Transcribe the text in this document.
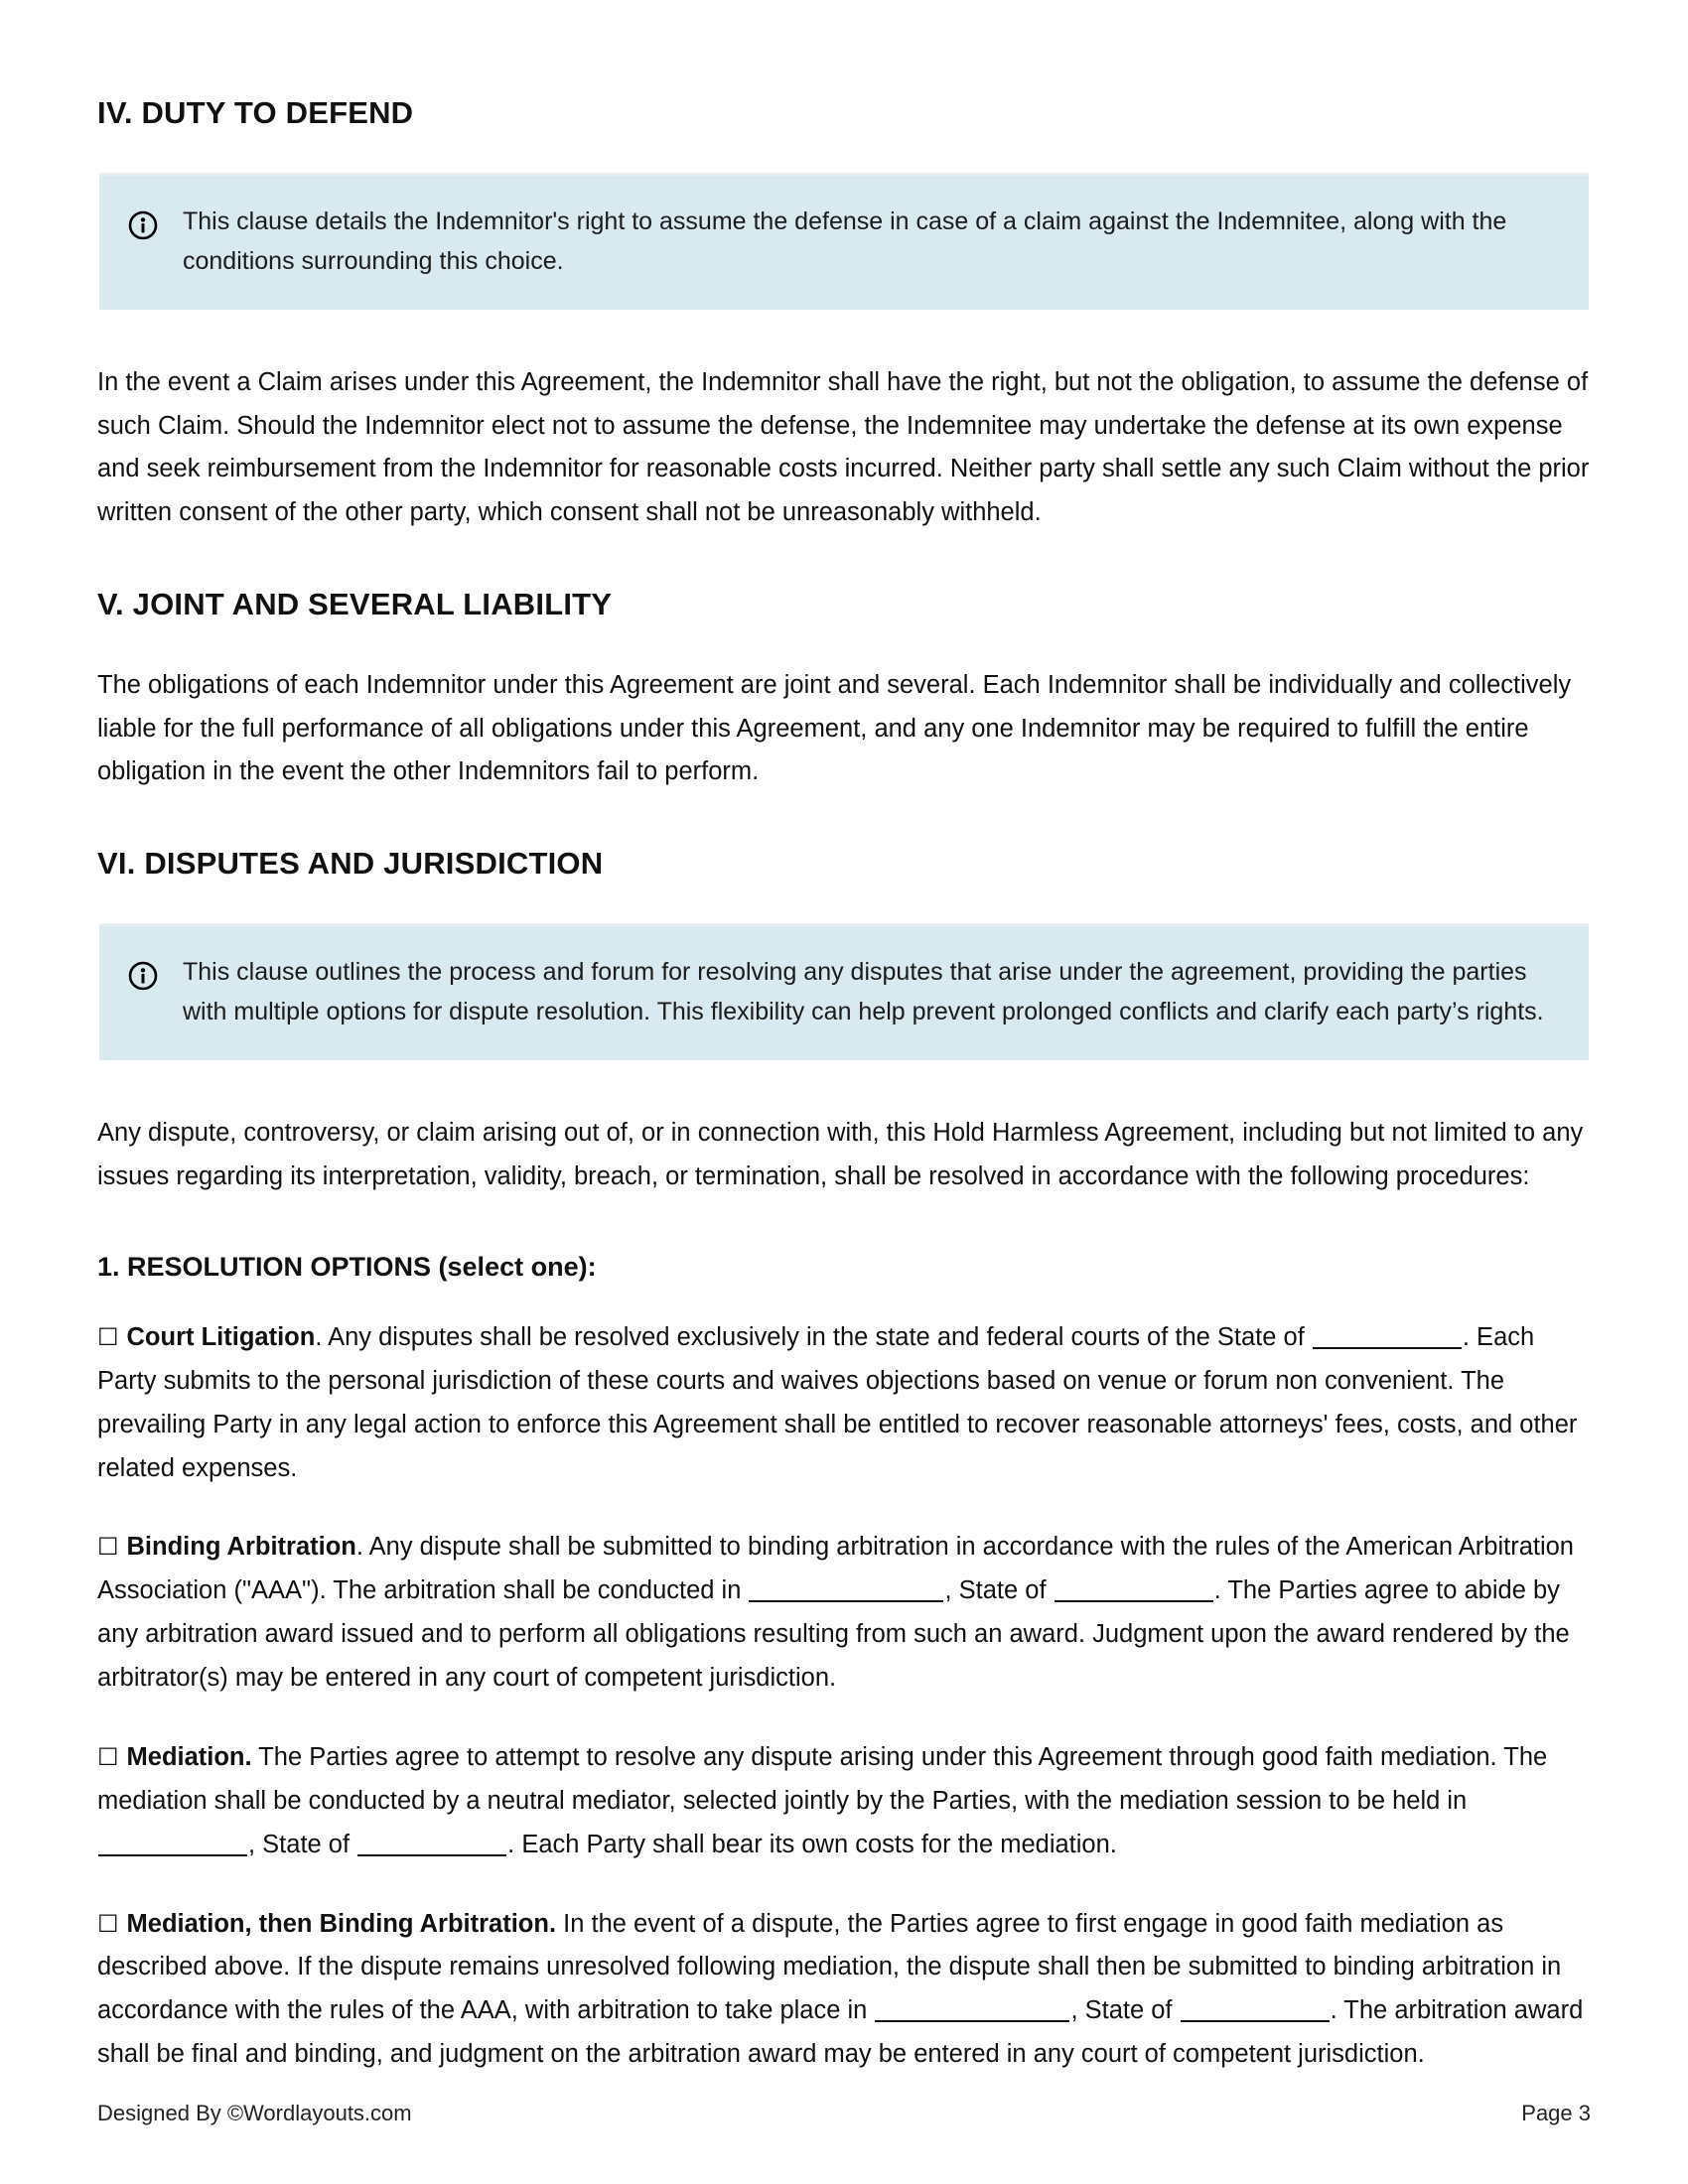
IV. DUTY TO DEFEND
This clause details the Indemnitor's right to assume the defense in case of a claim against the Indemnitee, along with the conditions surrounding this choice.

In the event a Claim arises under this Agreement, the Indemnitor shall have the right, but not the obligation, to assume the defense of such Claim. Should the Indemnitor elect not to assume the defense, the Indemnitee may undertake the defense at its own expense and seek reimbursement from the Indemnitor for reasonable costs incurred. Neither party shall settle any such Claim without the prior written consent of the other party, which consent shall not be unreasonably withheld.

V. JOINT AND SEVERAL LIABILITY

The obligations of each Indemnitor under this Agreement are joint and several. Each Indemnitor shall be individually and collectively liable for the full performance of all obligations under this Agreement, and any one Indemnitor may be required to fulfill the entire obligation in the event the other Indemnitors fail to perform.

VI. DISPUTES AND JURISDICTION
This clause outlines the process and forum for resolving any disputes that arise under the agreement, providing the parties with multiple options for dispute resolution. This flexibility can help prevent prolonged conflicts and clarify each party’s rights.

Any dispute, controversy, or claim arising out of, or in connection with, this Hold Harmless Agreement, including but not limited to any issues regarding its interpretation, validity, breach, or termination, shall be resolved in accordance with the following procedures:

1. RESOLUTION OPTIONS (select one):

☐ Court Litigation. Any disputes shall be resolved exclusively in the state and federal courts of the State of	. Each Party submits to the personal jurisdiction of these courts and waives objections based on venue or forum non convenient. The prevailing Party in any legal action to enforce this Agreement shall be entitled to recover reasonable attorneys' fees, costs, and other related expenses.

☐ Binding Arbitration. Any dispute shall be submitted to binding arbitration in accordance with the rules of the American Arbitration Association ("AAA"). The arbitration shall be conducted in	, State of	. The Parties agree to abide by any arbitration award issued and to perform all obligations resulting from such an award. Judgment upon the award rendered by the arbitrator(s) may be entered in any court of competent jurisdiction.

☐ Mediation. The Parties agree to attempt to resolve any dispute arising under this Agreement through good faith mediation. The mediation shall be conducted by a neutral mediator, selected jointly by the Parties, with the mediation session to be held in , State of	. Each Party shall bear its own costs for the mediation.

☐ Mediation, then Binding Arbitration. In the event of a dispute, the Parties agree to first engage in good faith mediation as described above. If the dispute remains unresolved following mediation, the dispute shall then be submitted to binding arbitration in accordance with the rules of the AAA, with arbitration to take place in	, State of	. The arbitration award shall be final and binding, and judgment on the arbitration award may be entered in any court of competent jurisdiction.

Designed By ©Wordlayouts.com	Page 3
